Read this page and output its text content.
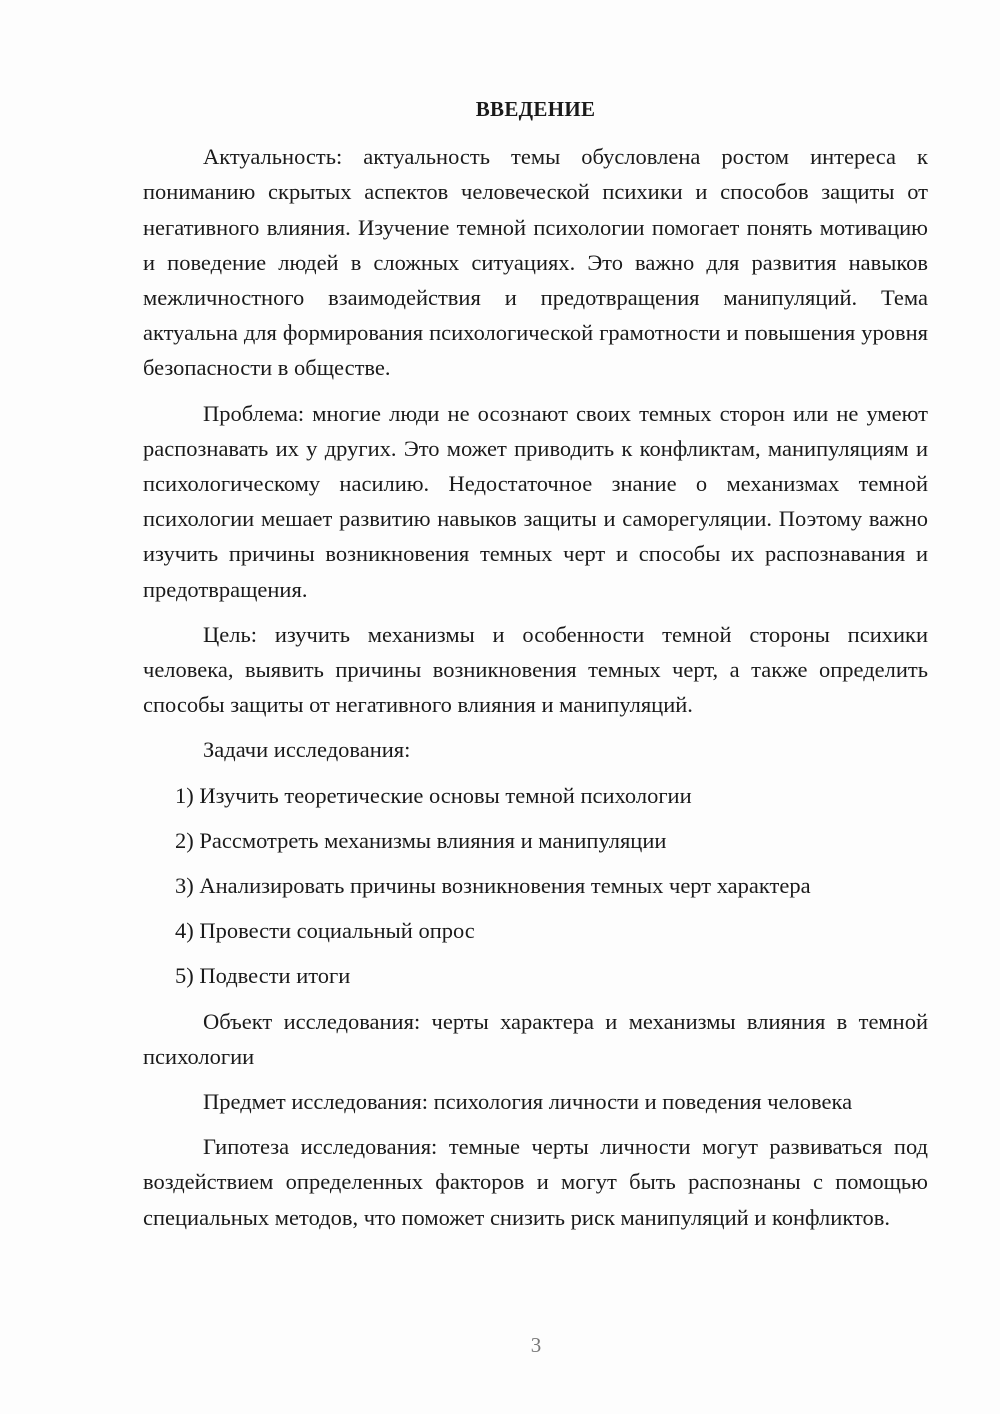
ВВЕДЕНИЕ

Актуальность: актуальность темы обусловлена ростом интереса к пониманию скрытых аспектов человеческой психики и способов защиты от негативного влияния. Изучение темной психологии помогает понять мотивацию и поведение людей в сложных ситуациях. Это важно для развития навыков межличностного взаимодействия и предотвращения манипуляций. Тема актуальна для формирования психологической грамотности и повышения уровня безопасности в обществе.

Проблема: многие люди не осознают своих темных сторон или не умеют распознавать их у других. Это может приводить к конфликтам, манипуляциям и психологическому насилию. Недостаточное знание о механизмах темной психологии мешает развитию навыков защиты и саморегуляции. Поэтому важно изучить причины возникновения темных черт и способы их распознавания и предотвращения.

Цель: изучить механизмы и особенности темной стороны психики человека, выявить причины возникновения темных черт, а также определить способы защиты от негативного влияния и манипуляций.

Задачи исследования:

1) Изучить теоретические основы темной психологии
2) Рассмотреть механизмы влияния и манипуляции
3) Анализировать причины возникновения темных черт характера
4) Провести социальный опрос
5) Подвести итоги

Объект исследования: черты характера и механизмы влияния в темной психологии

Предмет исследования: психология личности и поведения человека

Гипотеза исследования: темные черты личности могут развиваться под воздействием определенных факторов и могут быть распознаны с помощью специальных методов, что поможет снизить риск манипуляций и конфликтов.

3
